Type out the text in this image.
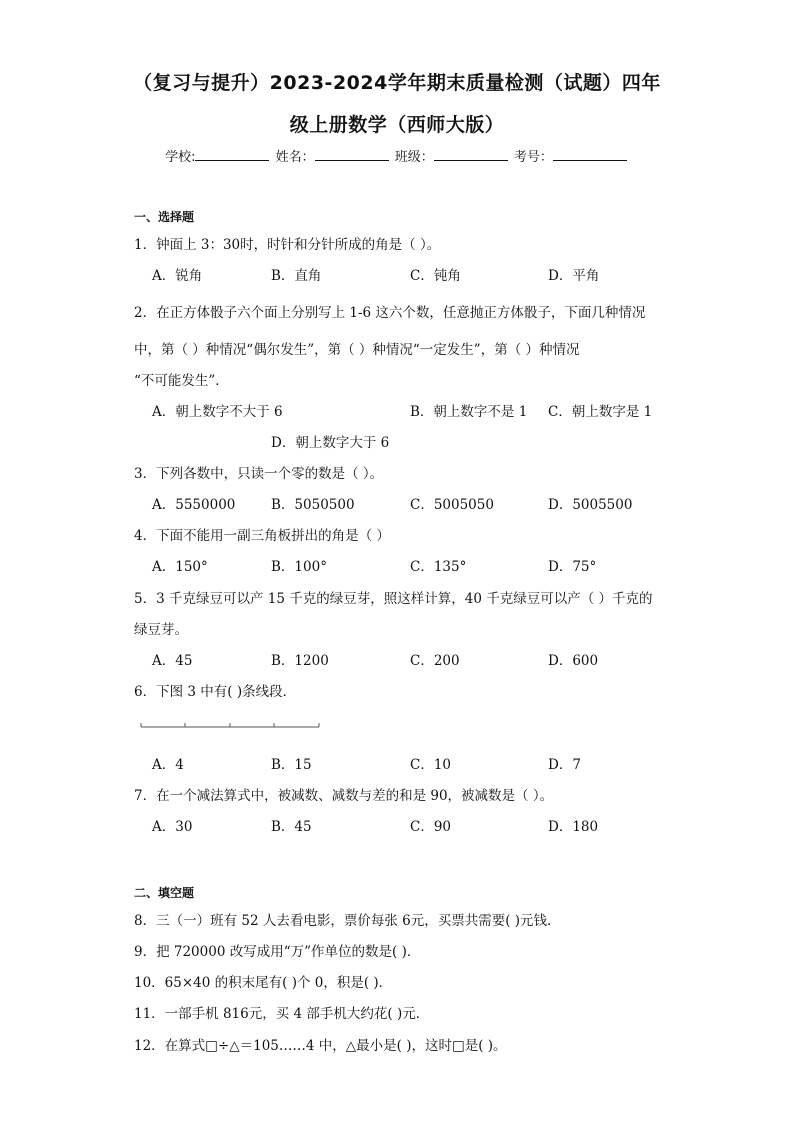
（复习与提升）2023-2024学年期末质量检测（试题）四年
级上册数学（西师大版）
学校:	姓名：	班级：	考号：
一、选择题
1．钟面上 3：30时，时针和分针所成的角是（ ）。
A．锐角	B．直角	C．钝角	D．平角
2．在正方体骰子六个面上分别写上 1-6 这六个数，任意抛正方体骰子，下面几种情况
中，第（ ）种情况“偶尔发生”，第（ ）种情况“一定发生”，第（ ）种情况
“不可能发生”．
A．朝上数字不大于 6	B．朝上数字不是 1 C．朝上数字是 1
D．朝上数字大于 6
3．下列各数中，只读一个零的数是（ ）。
A．5550000	B．5050500	C．5005050	D．5005500
4．下面不能用一副三角板拼出的角是（ ）
A．150°	B．100°	C．135°	D．75°
5．3 千克绿豆可以产 15 千克的绿豆芽，照这样计算，40 千克绿豆可以产（ ）千克的
绿豆芽。
A．45	B．1200	C．200	D．600
6．下图 3 中有( )条线段．
A．4	B．15	C．10	D．7
7．在一个减法算式中，被减数、减数与差的和是 90，被减数是（ ）。
A．30	B．45	C．90	D．180
二、填空题
8．三（一）班有 52 人去看电影，票价每张 6元，买票共需要( )元钱．
9．把 720000 改写成用“万”作单位的数是( )．
10．65×40 的积末尾有( )个 0，积是( )．
11．一部手机 816元，买 4 部手机大约花( )元．
12．在算式□÷△＝105……4 中，△最小是( )，这时□是( )。
